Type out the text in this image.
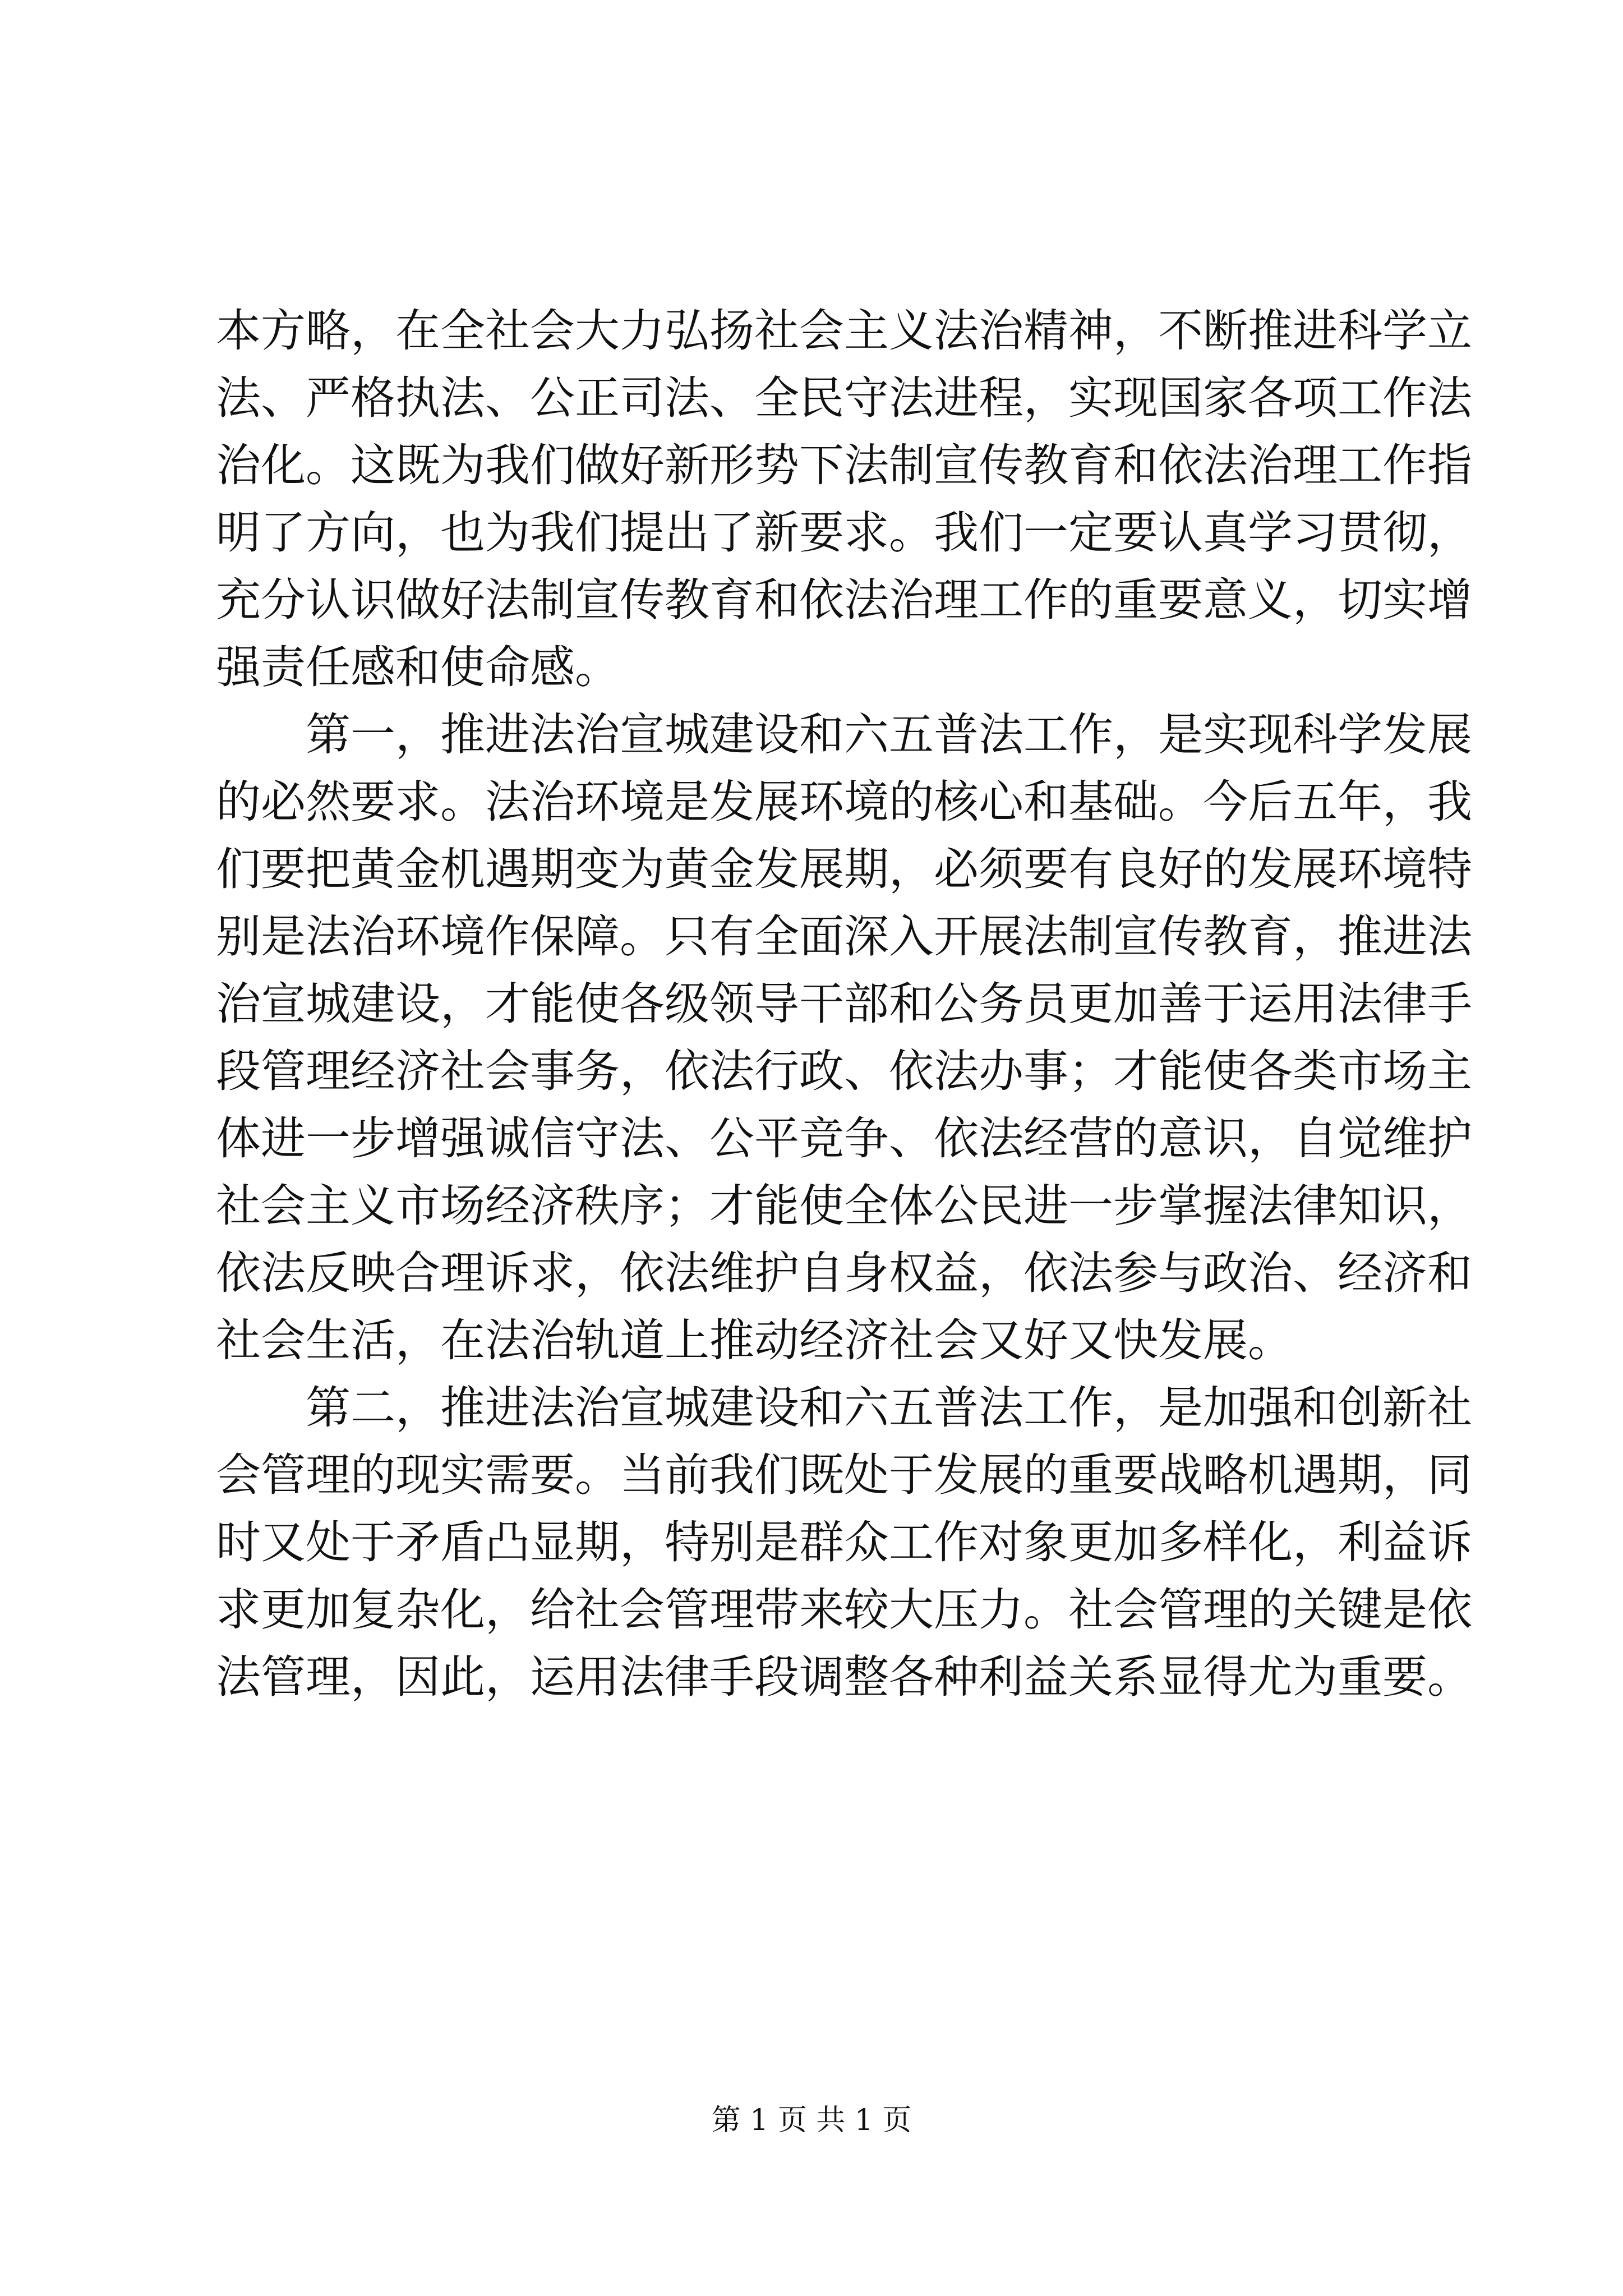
本方略，在全社会大力弘扬社会主义法治精神，不断推进科学立
法、严格执法、公正司法、全民守法进程，实现国家各项工作法
治化。这既为我们做好新形势下法制宣传教育和依法治理工作指
明了方向，也为我们提出了新要求。我们一定要认真学习贯彻，
充分认识做好法制宣传教育和依法治理工作的重要意义，切实增
强责任感和使命感。
第一，推进法治宣城建设和六五普法工作，是实现科学发展
的必然要求。法治环境是发展环境的核心和基础。今后五年，我
们要把黄金机遇期变为黄金发展期，必须要有良好的发展环境特
别是法治环境作保障。只有全面深入开展法制宣传教育，推进法
治宣城建设，才能使各级领导干部和公务员更加善于运用法律手
段管理经济社会事务，依法行政、依法办事；才能使各类市场主
体进一步增强诚信守法、公平竞争、依法经营的意识，自觉维护
社会主义市场经济秩序；才能使全体公民进一步掌握法律知识，
依法反映合理诉求，依法维护自身权益，依法参与政治、经济和
社会生活，在法治轨道上推动经济社会又好又快发展。
第二，推进法治宣城建设和六五普法工作，是加强和创新社
会管理的现实需要。当前我们既处于发展的重要战略机遇期，同
时又处于矛盾凸显期，特别是群众工作对象更加多样化，利益诉
求更加复杂化，给社会管理带来较大压力。社会管理的关键是依
法管理，因此，运用法律手段调整各种利益关系显得尤为重要。
第 1 页 共 1 页
